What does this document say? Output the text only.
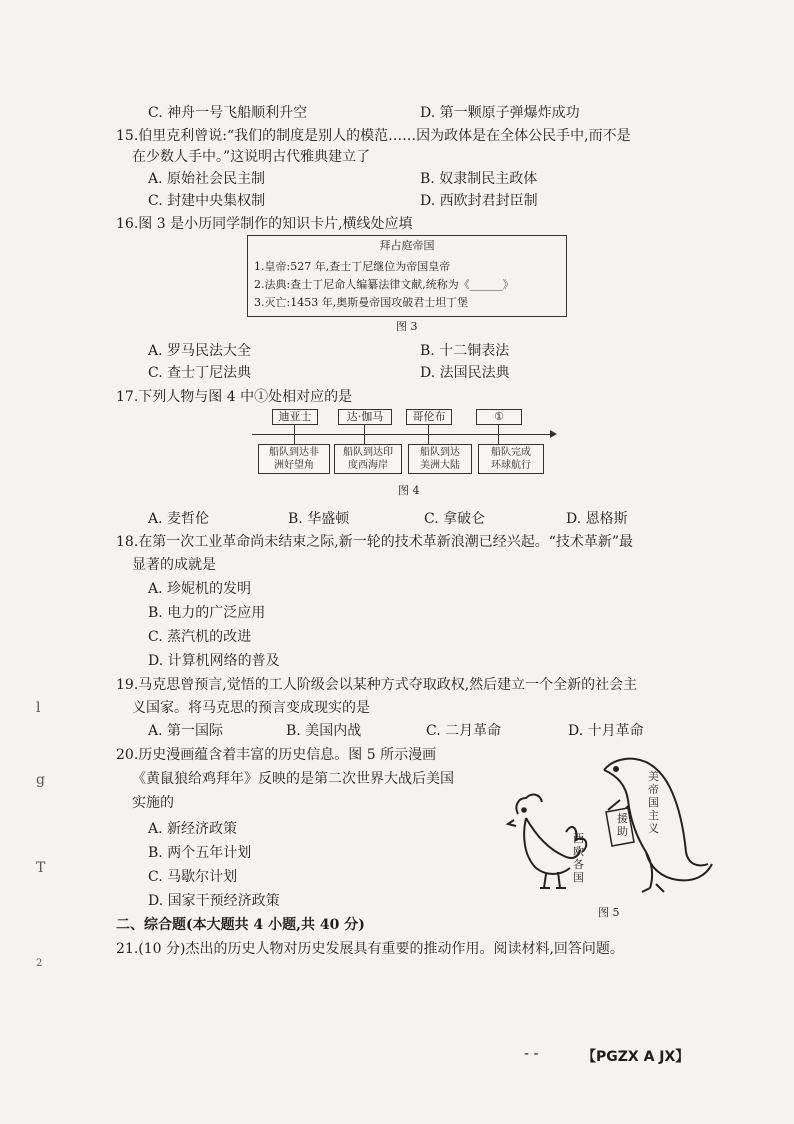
C. 神舟一号飞船顺利升空	D. 第一颗原子弹爆炸成功
15.伯里克利曾说:“我们的制度是别人的模范……因为政体是在全体公民手中,而不是
在少数人手中。”这说明古代雅典建立了
A. 原始社会民主制	B. 奴隶制民主政体
C. 封建中央集权制	D. 西欧封君封臣制
16.图 3 是小历同学制作的知识卡片,横线处应填
拜占庭帝国
1.皇帝:527 年,查士丁尼继位为帝国皇帝
2.法典:查士丁尼命人编纂法律文献,统称为《______》
3.灭亡:1453 年,奥斯曼帝国攻破君士坦丁堡
图 3
A. 罗马民法大全	B. 十二铜表法
C. 查士丁尼法典	D. 法国民法典
17.下列人物与图 4 中①处相对应的是
迪亚士	达·伽马	哥伦布	①
船队到达非
洲好望角
船队到达印
度西海岸
船队到达
美洲大陆
船队完成
环球航行
图 4
A. 麦哲伦	B. 华盛顿	C. 拿破仑	D. 恩格斯
18.在第一次工业革命尚未结束之际,新一轮的技术革新浪潮已经兴起。“技术革新”最
显著的成就是
A. 珍妮机的发明
B. 电力的广泛应用
C. 蒸汽机的改进
D. 计算机网络的普及
19.马克思曾预言,觉悟的工人阶级会以某种方式夺取政权,然后建立一个全新的社会主
义国家。将马克思的预言变成现实的是
A. 第一国际	B. 美国内战	C. 二月革命	D. 十月革命
20.历史漫画蕴含着丰富的历史信息。图 5 所示漫画
《黄鼠狼给鸡拜年》反映的是第二次世界大战后美国
实施的
A. 新经济政策
B. 两个五年计划
C. 马歇尔计划
D. 国家干预经济政策
美帝国主义
援助
西欧各国
图 5
二、综合题(本大题共 4 小题,共 40 分)
21.(10 分)杰出的历史人物对历史发展具有重要的推动作用。阅读材料,回答问题。
l
g
T
2
- -	【PGZX A JX】
